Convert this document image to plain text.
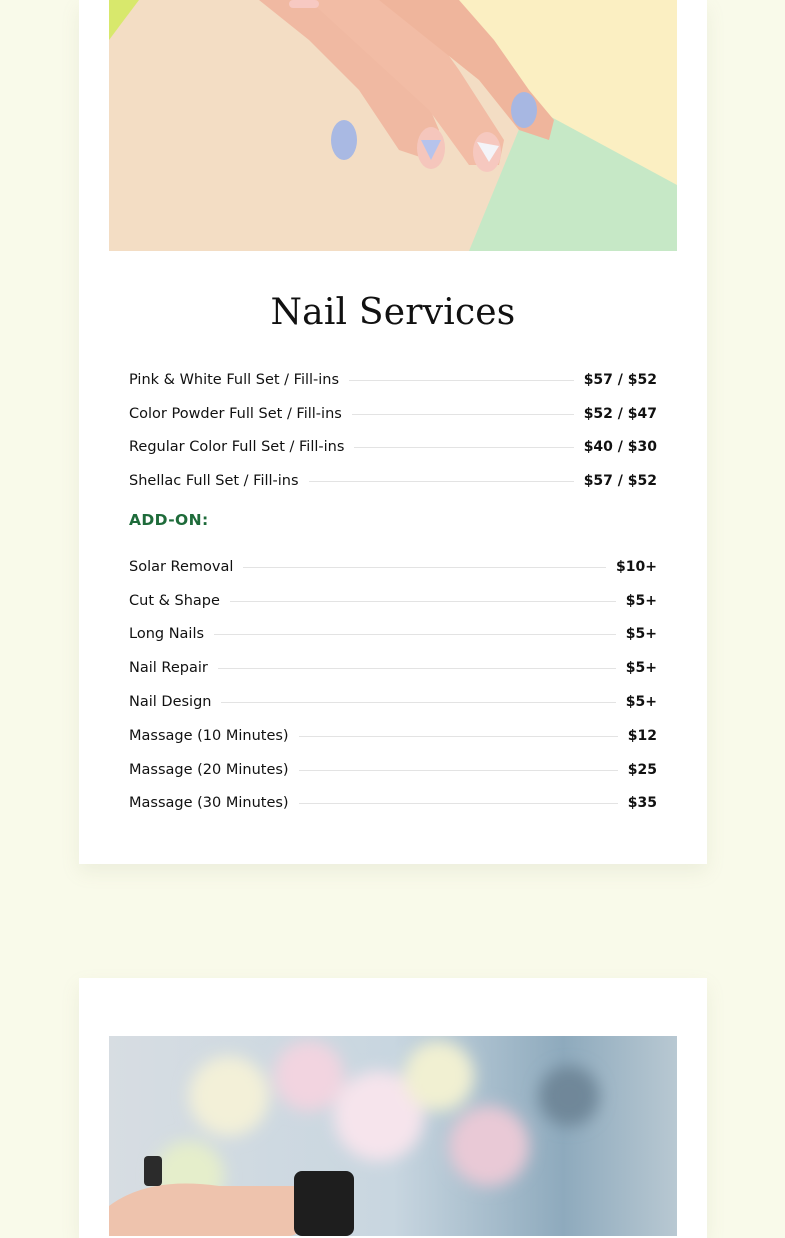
Nail Services
Pink & White Full Set / Fill-ins	$57 / $52
Color Powder Full Set / Fill-ins	$52 / $47
Regular Color Full Set / Fill-ins	$40 / $30
Shellac Full Set / Fill-ins	$57 / $52
ADD-ON:
Solar Removal	$10+
Cut & Shape	$5+
Long Nails	$5+
Nail Repair	$5+
Nail Design	$5+
Massage (10 Minutes)	$12
Massage (20 Minutes)	$25
Massage (30 Minutes)	$35
